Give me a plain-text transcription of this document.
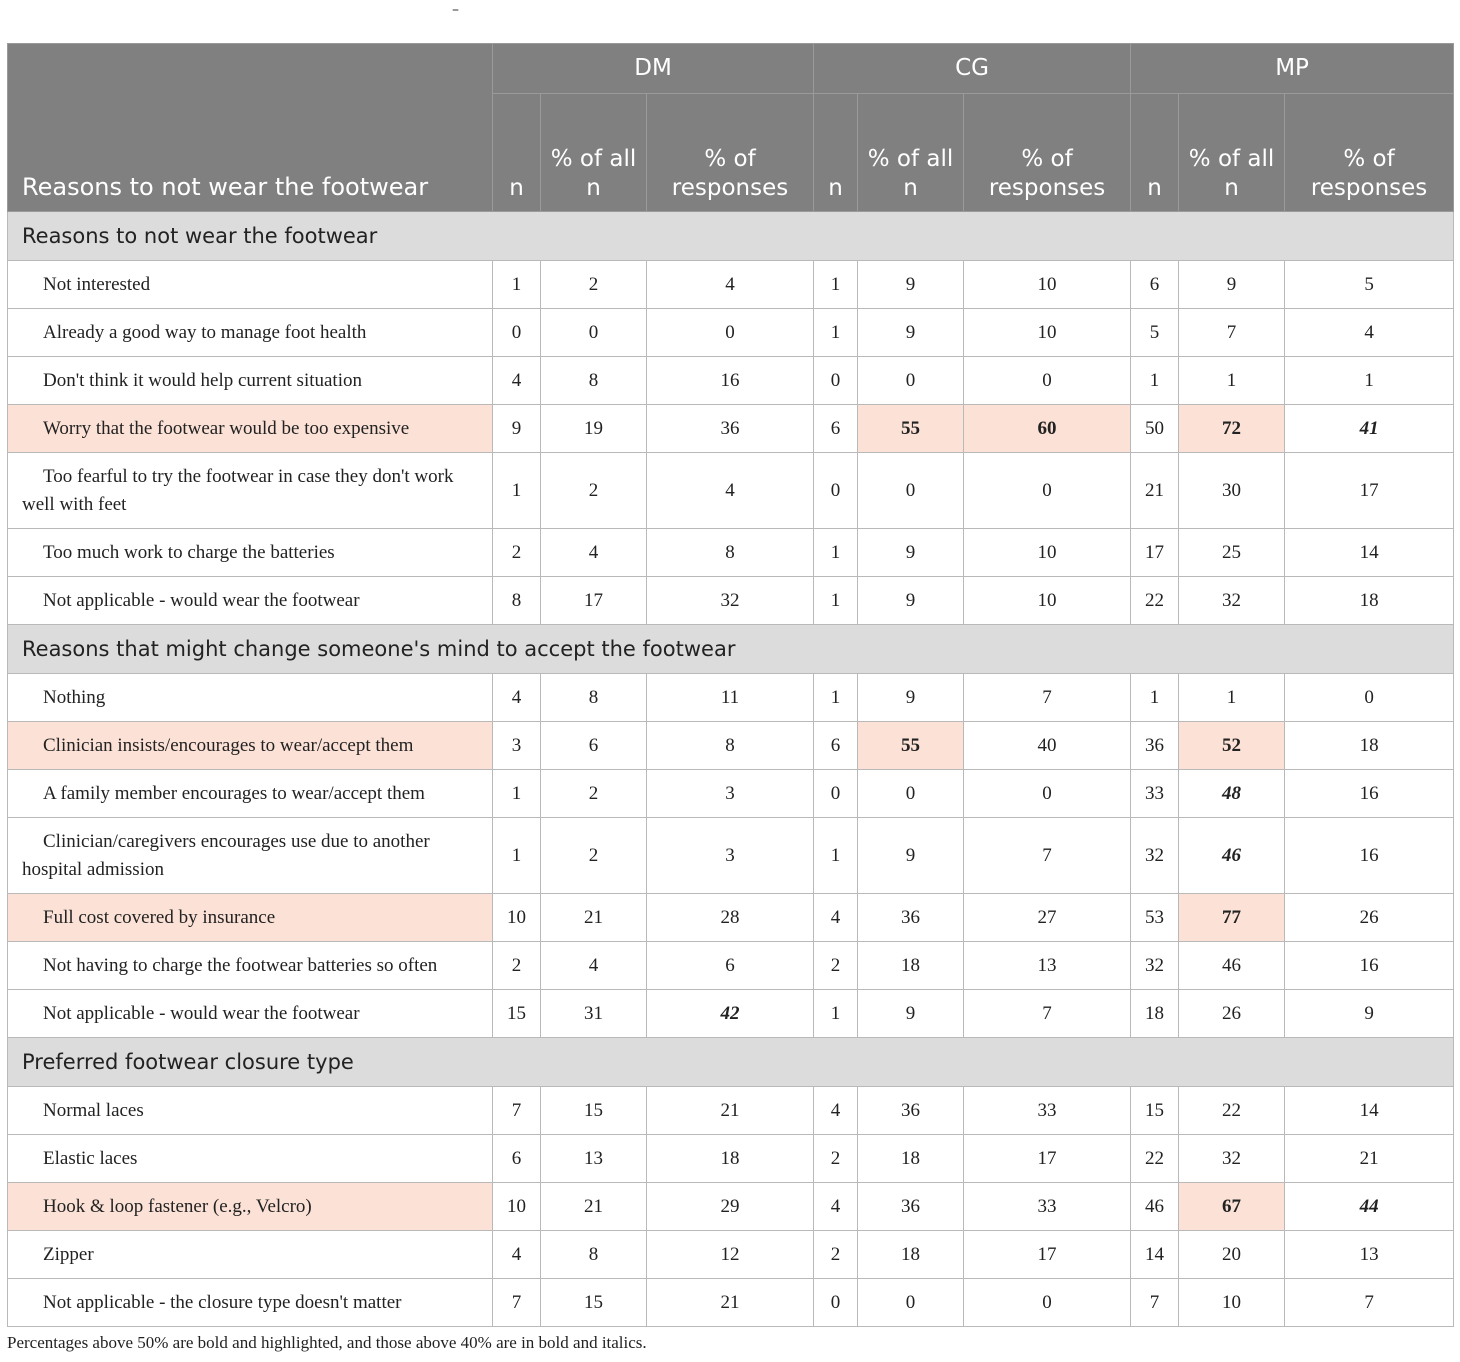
–
Reasons to not wear the footwear	DM			CG			MP		
	n	% of all n	% of responses	n	% of all n	% of responses	n	% of all n	% of responses
Reasons to not wear the footwear									
Not interested	1	2	4	1	9	10	6	9	5
Already a good way to manage foot health	0	0	0	1	9	10	5	7	4
Don't think it would help current situation	4	8	16	0	0	0	1	1	1
Worry that the footwear would be too expensive	9	19	36	6	55	60	50	72	41
Too fearful to try the footwear in case they don't work well with feet	1	2	4	0	0	0	21	30	17
Too much work to charge the batteries	2	4	8	1	9	10	17	25	14
Not applicable - would wear the footwear	8	17	32	1	9	10	22	32	18
Reasons that might change someone's mind to accept the footwear									
Nothing	4	8	11	1	9	7	1	1	0
Clinician insists/encourages to wear/accept them	3	6	8	6	55	40	36	52	18
A family member encourages to wear/accept them	1	2	3	0	0	0	33	48	16
Clinician/caregivers encourages use due to another hospital admission	1	2	3	1	9	7	32	46	16
Full cost covered by insurance	10	21	28	4	36	27	53	77	26
Not having to charge the footwear batteries so often	2	4	6	2	18	13	32	46	16
Not applicable - would wear the footwear	15	31	42	1	9	7	18	26	9
Preferred footwear closure type									
Normal laces	7	15	21	4	36	33	15	22	14
Elastic laces	6	13	18	2	18	17	22	32	21
Hook & loop fastener (e.g., Velcro)	10	21	29	4	36	33	46	67	44
Zipper	4	8	12	2	18	17	14	20	13
Not applicable - the closure type doesn't matter	7	15	21	0	0	0	7	10	7
Percentages above 50% are bold and highlighted, and those above 40% are in bold and italics.
